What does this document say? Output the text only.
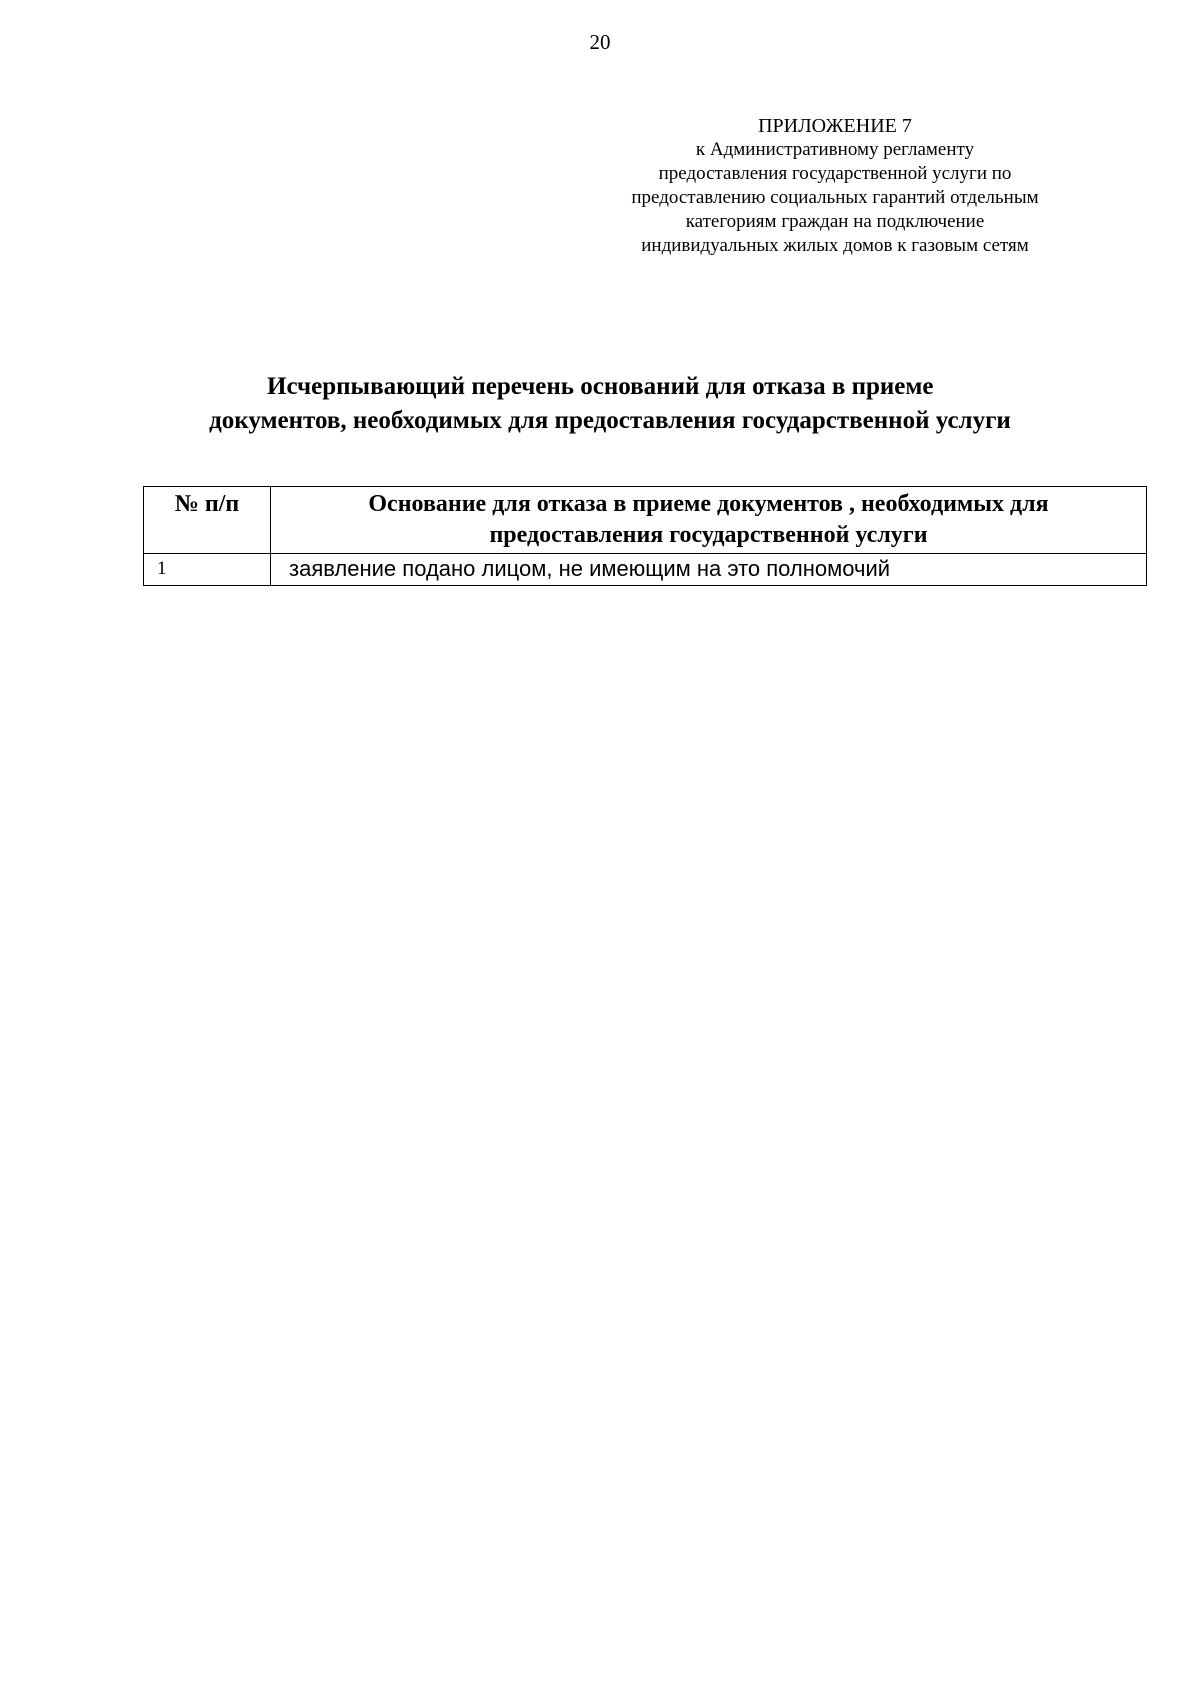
20
ПРИЛОЖЕНИЕ 7
к Административному регламенту
предоставления государственной услуги по
предоставлению социальных гарантий отдельным
категориям граждан на подключение
индивидуальных жилых домов к газовым сетям
Исчерпывающий перечень оснований для отказа в приеме
документов, необходимых для предоставления государственной услуги
№ п/п	Основание для отказа в приеме документов , необходимых для предоставления государственной услуги
1	заявление подано лицом, не имеющим на это полномочий
